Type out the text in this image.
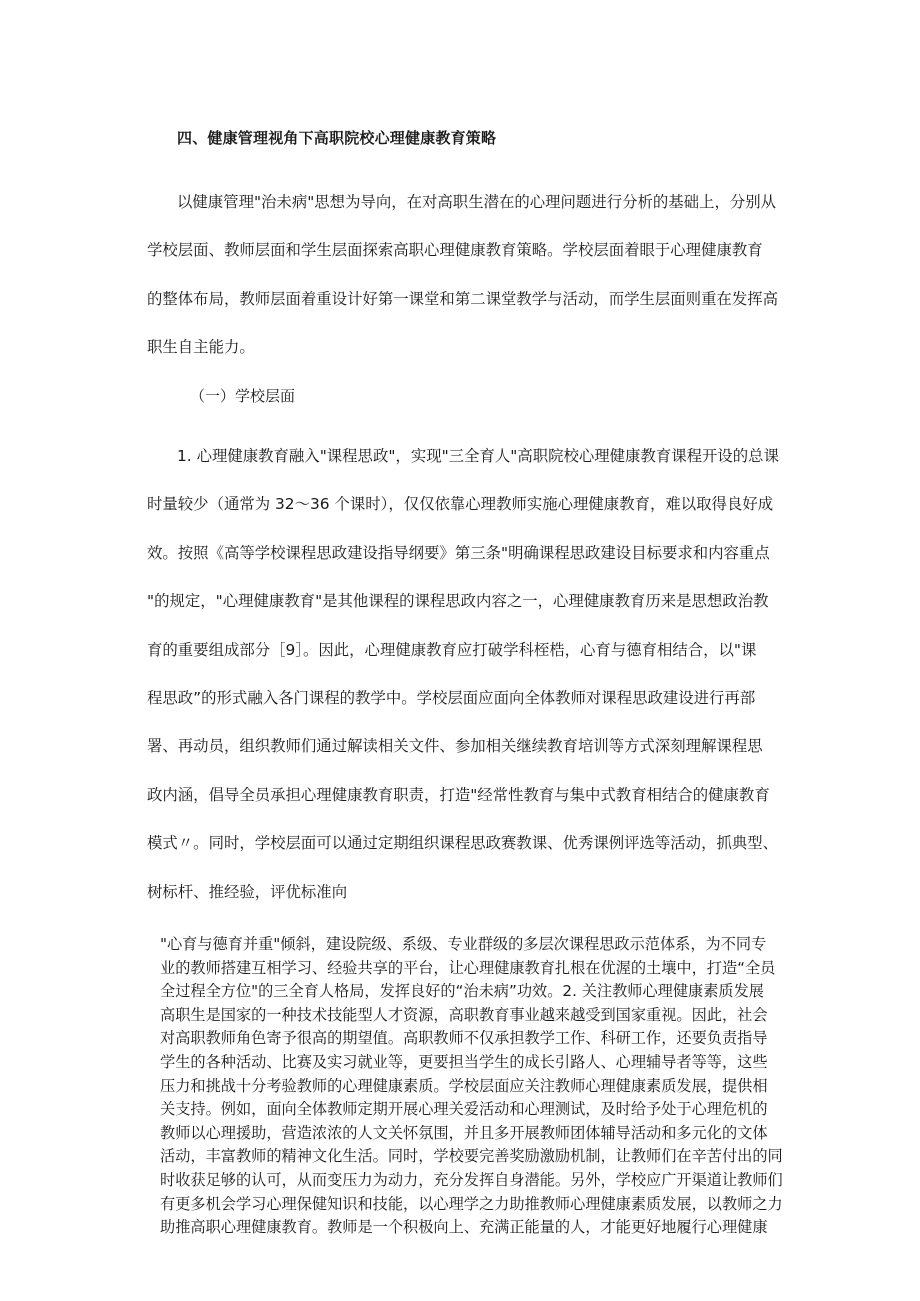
四、健康管理视角下高职院校心理健康教育策略

以健康管理"治未病"思想为导向，在对高职生潜在的心理问题进行分析的基础上，分别从
学校层面、教师层面和学生层面探索高职心理健康教育策略。学校层面着眼于心理健康教育
的整体布局，教师层面着重设计好第一课堂和第二课堂教学与活动，而学生层面则重在发挥高
职生自主能力。

（一）学校层面

1. 心理健康教育融入"课程思政"，实现"三全育人"高职院校心理健康教育课程开设的总课
时量较少（通常为 32～36 个课时），仅仅依靠心理教师实施心理健康教育，难以取得良好成
效。按照《高等学校课程思政建设指导纲要》第三条"明确课程思政建设目标要求和内容重点
"的规定，"心理健康教育"是其他课程的课程思政内容之一，心理健康教育历来是思想政治教
育的重要组成部分［9］。因此，心理健康教育应打破学科桎梏，心育与德育相结合，以"课
程思政”的形式融入各门课程的教学中。学校层面应面向全体教师对课程思政建设进行再部
署、再动员，组织教师们通过解读相关文件、参加相关继续教育培训等方式深刻理解课程思
政内涵，倡导全员承担心理健康教育职责，打造"经常性教育与集中式教育相结合的健康教育
模式〃。同时，学校层面可以通过定期组织课程思政赛教课、优秀课例评选等活动，抓典型、
树标杆、推经验，评优标准向

"心育与德育并重"倾斜，建设院级、系级、专业群级的多层次课程思政示范体系，为不同专
业的教师搭建互相学习、经验共享的平台，让心理健康教育扎根在优渥的土壤中，打造“全员
全过程全方位"的三全育人格局，发挥良好的“治未病”功效。2. 关注教师心理健康素质发展
高职生是国家的一种技术技能型人才资源，高职教育事业越来越受到国家重视。因此，社会
对高职教师角色寄予很高的期望值。高职教师不仅承担教学工作、科研工作，还要负责指导
学生的各种活动、比赛及实习就业等，更要担当学生的成长引路人、心理辅导者等等，这些
压力和挑战十分考验教师的心理健康素质。学校层面应关注教师心理健康素质发展，提供相
关支持。例如，面向全体教师定期开展心理关爱活动和心理测试，及时给予处于心理危机的
教师以心理援助，营造浓浓的人文关怀氛围，并且多开展教师团体辅导活动和多元化的文体
活动，丰富教师的精神文化生活。同时，学校要完善奖励激励机制，让教师们在辛苦付出的同
时收获足够的认可，从而变压力为动力，充分发挥自身潜能。另外，学校应广开渠道让教师们
有更多机会学习心理保健知识和技能，以心理学之力助推教师心理健康素质发展，以教师之力
助推高职心理健康教育。教师是一个积极向上、充满正能量的人，才能更好地履行心理健康
